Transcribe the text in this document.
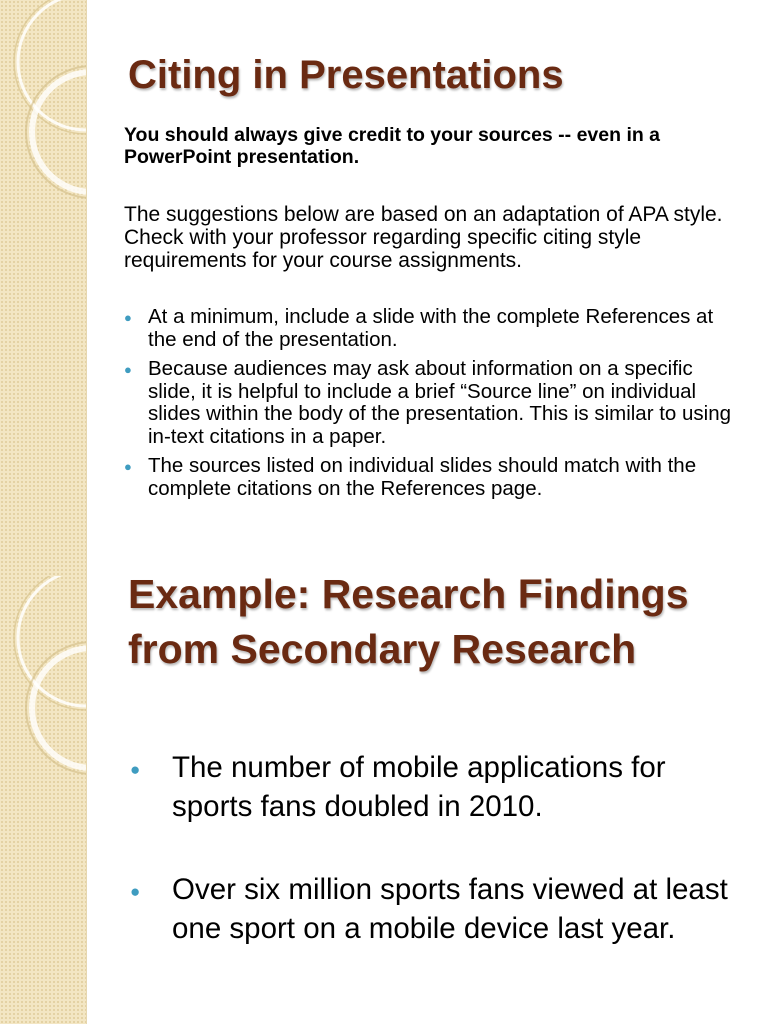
Citing in Presentations

You should always give credit to your sources -- even in a PowerPoint presentation.

The suggestions below are based on an adaptation of APA style. Check with your professor regarding specific citing style requirements for your course assignments.

● At a minimum, include a slide with the complete References at the end of the presentation.
● Because audiences may ask about information on a specific slide, it is helpful to include a brief “Source line” on individual slides within the body of the presentation. This is similar to using in-text citations in a paper.
● The sources listed on individual slides should match with the complete citations on the References page.
Example: Research Findings
from Secondary Research
● The number of mobile applications for sports fans doubled in 2010.
● Over six million sports fans viewed at least one sport on a mobile device last year.
